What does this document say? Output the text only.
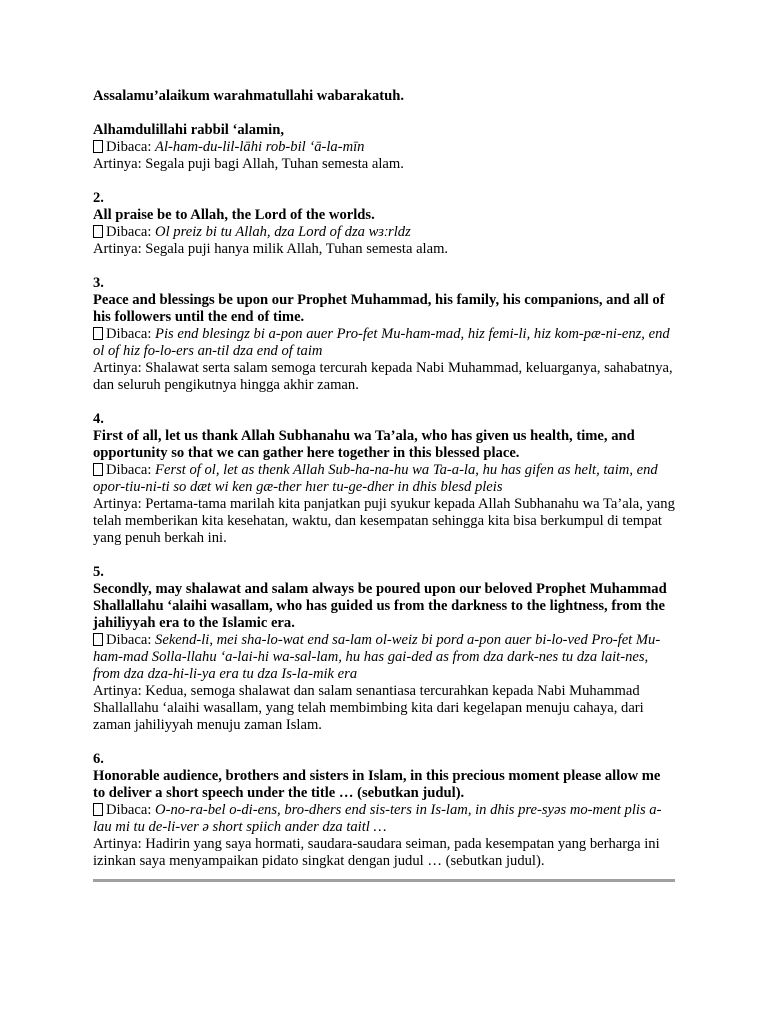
Assalamu’alaikum warahmatullahi wabarakatuh.

Alhamdulillahi rabbil ‘alamin,

Dibaca: Al-ham-du-lil-lāhi rob-bil ‘ā-la-mīn

Artinya: Segala puji bagi Allah, Tuhan semesta alam.

2.

All praise be to Allah, the Lord of the worlds.

Dibaca: Ol preiz bi tu Allah, dza Lord of dza wɜːrldz

Artinya: Segala puji hanya milik Allah, Tuhan semesta alam.

3.

Peace and blessings be upon our Prophet Muhammad, his family, his companions, and all of his followers until the end of time.

Dibaca: Pis end blesingz bi a-pon auer Pro-fet Mu-ham-mad, hiz femi-li, hiz kom-pæ-ni-enz, end ol of hiz fo-lo-ers an-til dza end of taim

Artinya: Shalawat serta salam semoga tercurah kepada Nabi Muhammad, keluarganya, sahabatnya, dan seluruh pengikutnya hingga akhir zaman.

4.

First of all, let us thank Allah Subhanahu wa Ta’ala, who has given us health, time, and opportunity so that we can gather here together in this blessed place.

Dibaca: Ferst of ol, let as thenk Allah Sub-ha-na-hu wa Ta-a-la, hu has gifen as helt, taim, end opor-tiu-ni-ti so dæt wi ken gæ-ther hıer tu-ge-dher in dhis blesd pleis

Artinya: Pertama-tama marilah kita panjatkan puji syukur kepada Allah Subhanahu wa Ta’ala, yang telah memberikan kita kesehatan, waktu, dan kesempatan sehingga kita bisa berkumpul di tempat yang penuh berkah ini.

5.

Secondly, may shalawat and salam always be poured upon our beloved Prophet Muhammad Shallallahu ‘alaihi wasallam, who has guided us from the darkness to the lightness, from the jahiliyyah era to the Islamic era.

Dibaca: Sekend-li, mei sha-lo-wat end sa-lam ol-weiz bi pord a-pon auer bi-lo-ved Pro-fet Mu-ham-mad Solla-llahu ‘a-lai-hi wa-sal-lam, hu has gai-ded as from dza dark-nes tu dza lait-nes, from dza dza-hi-li-ya era tu dza Is-la-mik era

Artinya: Kedua, semoga shalawat dan salam senantiasa tercurahkan kepada Nabi Muhammad Shallallahu ‘alaihi wasallam, yang telah membimbing kita dari kegelapan menuju cahaya, dari zaman jahiliyyah menuju zaman Islam.

6.

Honorable audience, brothers and sisters in Islam, in this precious moment please allow me to deliver a short speech under the title … (sebutkan judul).

Dibaca: O-no-ra-bel o-di-ens, bro-dhers end sis-ters in Is-lam, in dhis pre-syəs mo-ment plis a-lau mi tu de-li-ver ə short spiich ander dza taitl …

Artinya: Hadirin yang saya hormati, saudara-saudara seiman, pada kesempatan yang berharga ini izinkan saya menyampaikan pidato singkat dengan judul … (sebutkan judul).
